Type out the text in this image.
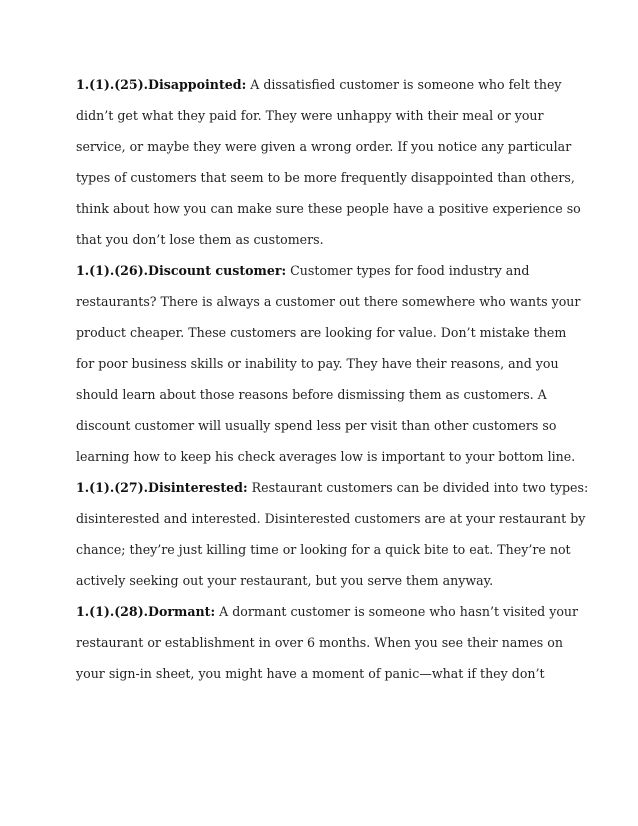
1.(1).(25).Disappointed: A dissatisfied customer is someone who felt they
didn’t get what they paid for. They were unhappy with their meal or your
service, or maybe they were given a wrong order. If you notice any particular
types of customers that seem to be more frequently disappointed than others,
think about how you can make sure these people have a positive experience so
that you don’t lose them as customers.
1.(1).(26).Discount customer: Customer types for food industry and
restaurants? There is always a customer out there somewhere who wants your
product cheaper. These customers are looking for value. Don’t mistake them
for poor business skills or inability to pay. They have their reasons, and you
should learn about those reasons before dismissing them as customers. A
discount customer will usually spend less per visit than other customers so
learning how to keep his check averages low is important to your bottom line.
1.(1).(27).Disinterested: Restaurant customers can be divided into two types:
disinterested and interested. Disinterested customers are at your restaurant by
chance; they’re just killing time or looking for a quick bite to eat. They’re not
actively seeking out your restaurant, but you serve them anyway.
1.(1).(28).Dormant: A dormant customer is someone who hasn’t visited your
restaurant or establishment in over 6 months. When you see their names on
your sign-in sheet, you might have a moment of panic—what if they don’t
